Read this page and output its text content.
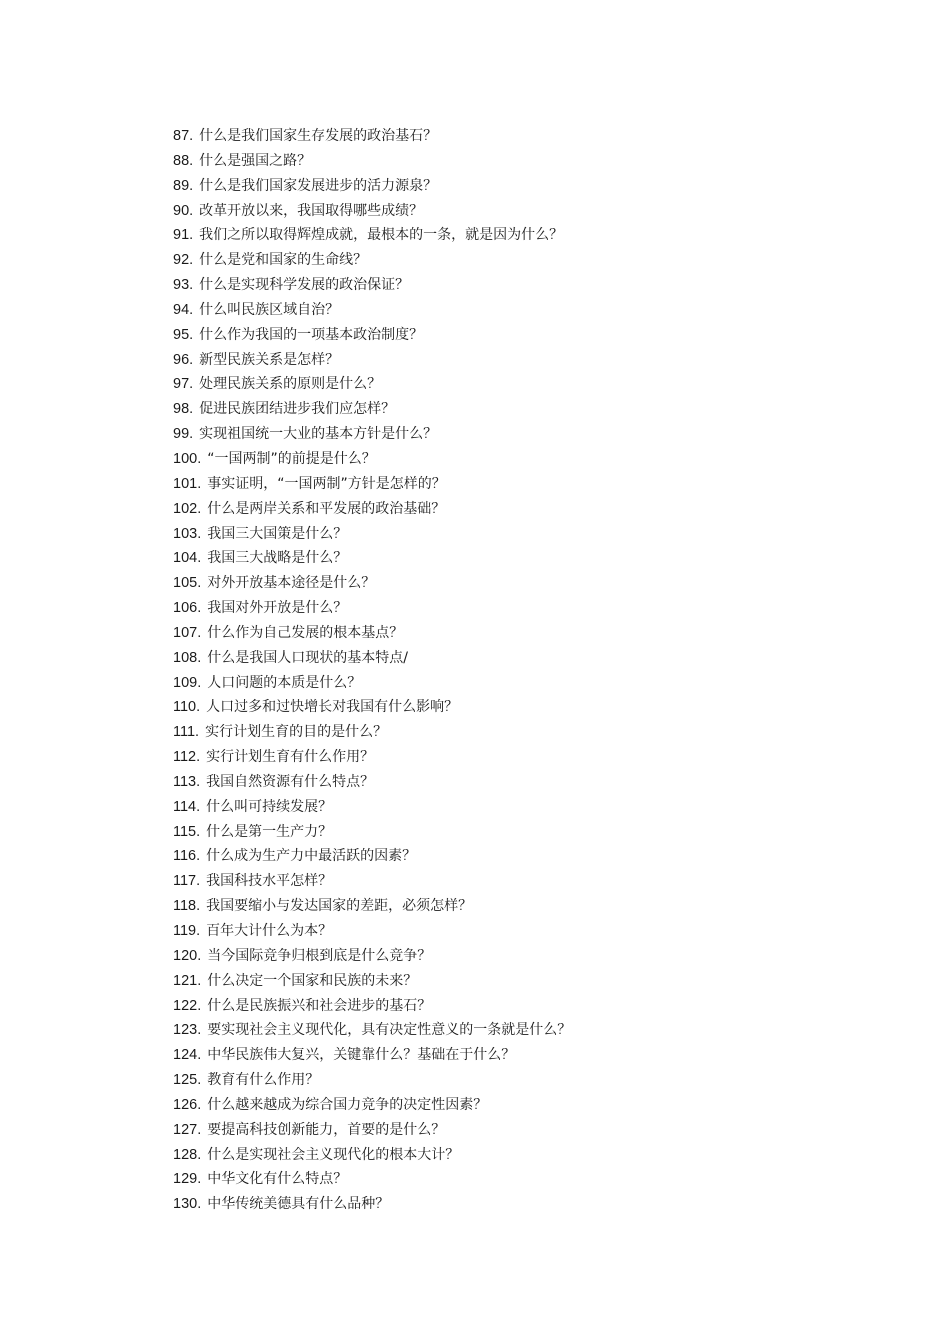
87. 什么是我们国家生存发展的政治基石？
88. 什么是强国之路？
89. 什么是我们国家发展进步的活力源泉？
90. 改革开放以来，我国取得哪些成绩？
91. 我们之所以取得辉煌成就，最根本的一条，就是因为什么？
92. 什么是党和国家的生命线？
93. 什么是实现科学发展的政治保证？
94. 什么叫民族区域自治？
95. 什么作为我国的一项基本政治制度？
96. 新型民族关系是怎样？
97. 处理民族关系的原则是什么？
98. 促进民族团结进步我们应怎样？
99. 实现祖国统一大业的基本方针是什么？
100. “一国两制”的前提是什么？
101. 事实证明，“一国两制”方针是怎样的？
102. 什么是两岸关系和平发展的政治基础？
103. 我国三大国策是什么？
104. 我国三大战略是什么？
105. 对外开放基本途径是什么？
106. 我国对外开放是什么？
107. 什么作为自己发展的根本基点？
108. 什么是我国人口现状的基本特点/
109. 人口问题的本质是什么？
110. 人口过多和过快增长对我国有什么影响？
111. 实行计划生育的目的是什么？
112. 实行计划生育有什么作用？
113. 我国自然资源有什么特点？
114. 什么叫可持续发展？
115. 什么是第一生产力？
116. 什么成为生产力中最活跃的因素？
117. 我国科技水平怎样？
118. 我国要缩小与发达国家的差距，必须怎样？
119. 百年大计什么为本？
120. 当今国际竞争归根到底是什么竞争？
121. 什么决定一个国家和民族的未来？
122. 什么是民族振兴和社会进步的基石？
123. 要实现社会主义现代化，具有决定性意义的一条就是什么？
124. 中华民族伟大复兴，关键靠什么？基础在于什么？
125. 教育有什么作用？
126. 什么越来越成为综合国力竞争的决定性因素？
127. 要提高科技创新能力，首要的是什么？
128. 什么是实现社会主义现代化的根本大计？
129. 中华文化有什么特点？
130. 中华传统美德具有什么品种？
